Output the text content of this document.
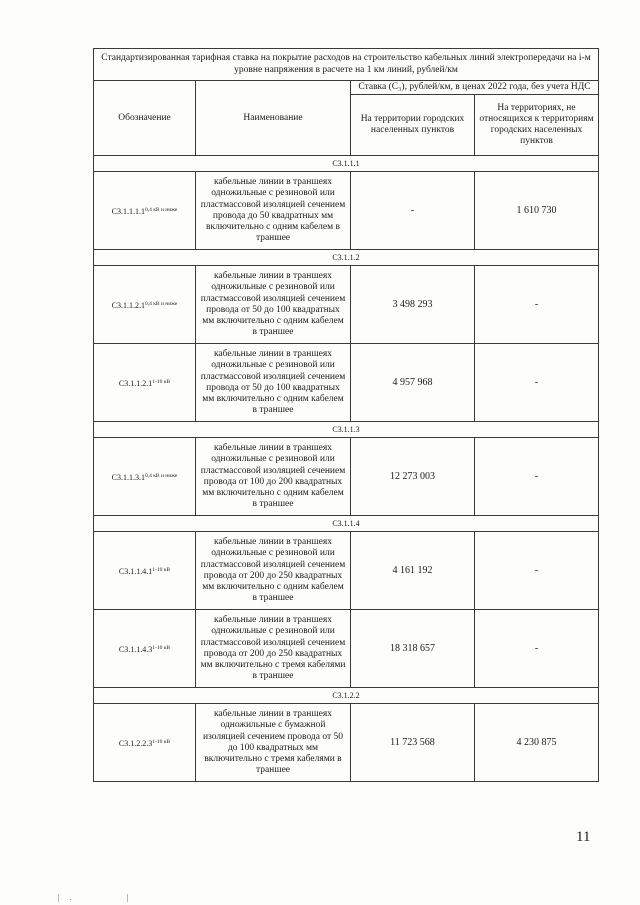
Стандартизированная тарифная ставка на покрытие расходов на строительство кабельных линий электропередачи на i-м уровне напряжения в расчете на 1 км линий, рублей/км			
Обозначение	Наименование	Ставка (C₃), рублей/км, в ценах 2022 года, без учета НДС	
		На территории городских населенных пунктов	На территориях, не относящихся к территориям городских населенных пунктов
C3.1.1.1			
$C3.1.1.1.1^{0,4 кВ и ниже}$	кабельные линии в траншеях одножильные с резиновой или пластмассовой изоляцией сечением провода до 50 квадратных мм включительно с одним кабелем в траншее	-	1 610 730
C3.1.1.2			
$C3.1.1.2.1^{0,4 кВ и ниже}$	кабельные линии в траншеях одножильные с резиновой или пластмассовой изоляцией сечением провода от 50 до 100 квадратных мм включительно с одним кабелем в траншее	3 498 293	-
$C3.1.1.2.1^{1-10 кВ}$	кабельные линии в траншеях одножильные с резиновой или пластмассовой изоляцией сечением провода от 50 до 100 квадратных мм включительно с одним кабелем в траншее	4 957 968	-
C3.1.1.3			
$C3.1.1.3.1^{0,4 кВ и ниже}$	кабельные линии в траншеях одножильные с резиновой или пластмассовой изоляцией сечением провода от 100 до 200 квадратных мм включительно с одним кабелем в траншее	12 273 003	-
C3.1.1.4			
$C3.1.1.4.1^{1-10 кВ}$	кабельные линии в траншеях одножильные с резиновой или пластмассовой изоляцией сечением провода от 200 до 250 квадратных мм включительно с одним кабелем в траншее	4 161 192	-
$C3.1.1.4.3^{1-10 кВ}$	кабельные линии в траншеях одножильные с резиновой или пластмассовой изоляцией сечением провода от 200 до 250 квадратных мм включительно с тремя кабелями в траншее	18 318 657	-
C3.1.2.2			
$C3.1.2.2.3^{1-10 кВ}$	кабельные линии в траншеях одножильные с бумажной изоляцией сечением провода от 50 до 100 квадратных мм включительно с тремя кабелями в траншее	11 723 568	4 230 875
11
|   .                  |
